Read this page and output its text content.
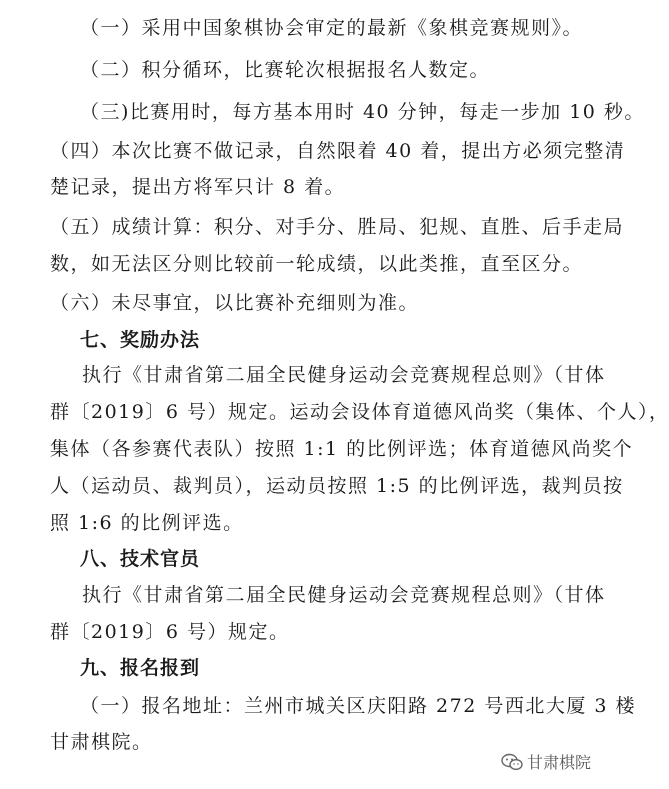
（一）采用中国象棋协会审定的最新《象棋竞赛规则》。
（二）积分循环，比赛轮次根据报名人数定。
（三)比赛用时，每方基本用时 40 分钟，每走一步加 10 秒。
（四）本次比赛不做记录，自然限着 40 着，提出方必须完整清
楚记录，提出方将军只计 8 着。
（五）成绩计算：积分、对手分、胜局、犯规、直胜、后手走局
数，如无法区分则比较前一轮成绩，以此类推，直至区分。
（六）未尽事宜，以比赛补充细则为准。
七、奖励办法
执行《甘肃省第二届全民健身运动会竞赛规程总则》（甘体
群〔2019〕6 号）规定。运动会设体育道德风尚奖（集体、个人），
集体（各参赛代表队）按照 1:1 的比例评选；体育道德风尚奖个
人（运动员、裁判员），运动员按照 1:5 的比例评选，裁判员按
照 1:6 的比例评选。
八、技术官员
执行《甘肃省第二届全民健身运动会竞赛规程总则》（甘体
群〔2019〕6 号）规定。
九、报名报到
（一）报名地址：兰州市城关区庆阳路 272 号西北大厦 3 楼
甘肃棋院。
甘肃棋院
